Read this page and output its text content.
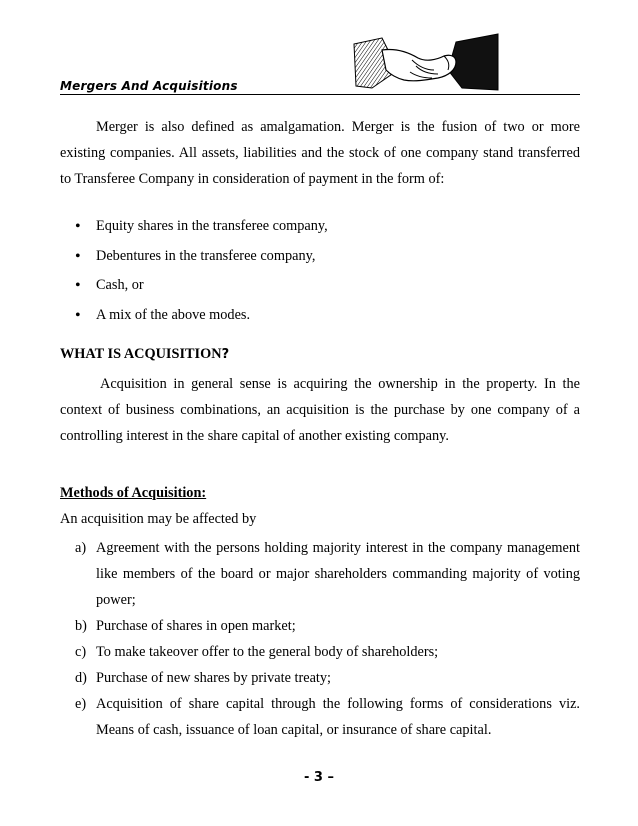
Mergers And Acquisitions

Merger is also defined as amalgamation. Merger is the fusion of two or more existing companies. All assets, liabilities and the stock of one company stand transferred to Transferee Company in consideration of payment in the form of:

• Equity shares in the transferee company,
• Debentures in the transferee company,
• Cash, or
• A mix of the above modes.
WHAT IS ACQUISITION?

Acquisition in general sense is acquiring the ownership in the property. In the context of business combinations, an acquisition is the purchase by one company of a controlling interest in the share capital of another existing company.

Methods of Acquisition:

An acquisition may be affected by

a) Agreement with the persons holding majority interest in the company management like members of the board or major shareholders commanding majority of voting power;
b) Purchase of shares in open market;
c) To make takeover offer to the general body of shareholders;
d) Purchase of new shares by private treaty;
e) Acquisition of share capital through the following forms of considerations viz. Means of cash, issuance of loan capital, or insurance of share capital.
- 3 –
